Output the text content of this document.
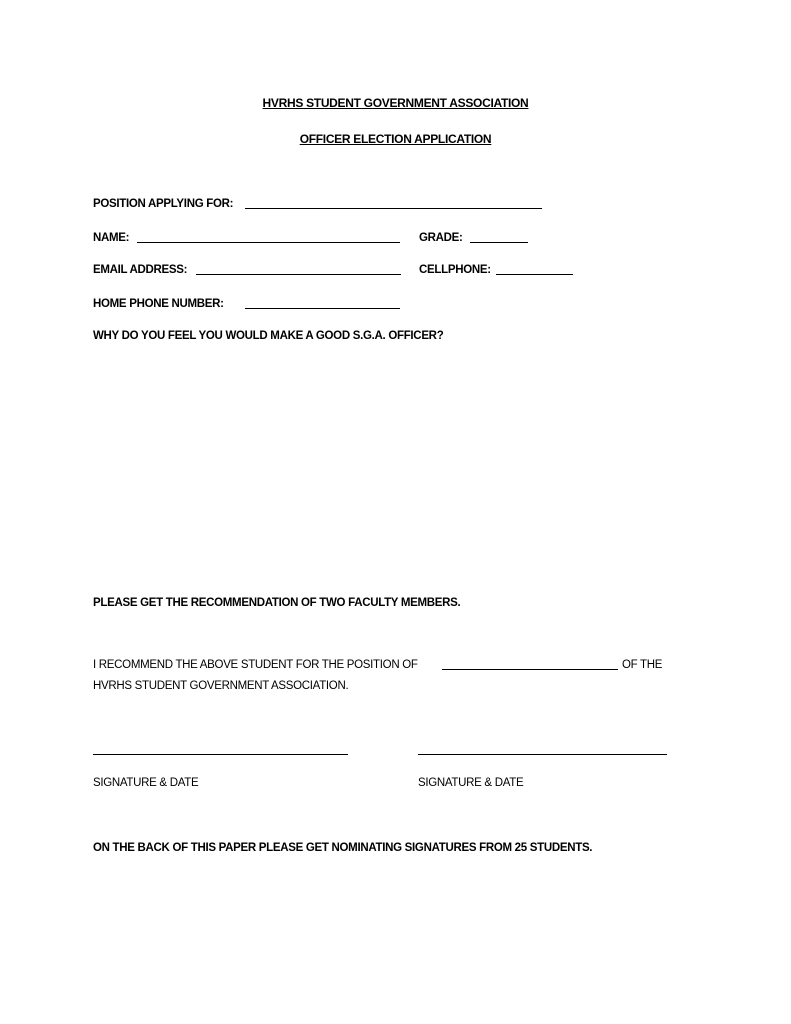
HVRHS STUDENT GOVERNMENT ASSOCIATION
OFFICER ELECTION APPLICATION
POSITION APPLYING FOR:
NAME:	GRADE:
EMAIL ADDRESS:	CELLPHONE:
HOME PHONE NUMBER:
WHY DO YOU FEEL YOU WOULD MAKE A GOOD S.G.A. OFFICER?
PLEASE GET THE RECOMMENDATION OF TWO FACULTY MEMBERS.
I RECOMMEND THE ABOVE STUDENT FOR THE POSITION OF	OF THE
HVRHS STUDENT GOVERNMENT ASSOCIATION.
SIGNATURE & DATE	SIGNATURE & DATE
ON THE BACK OF THIS PAPER PLEASE GET NOMINATING SIGNATURES FROM 25 STUDENTS.
